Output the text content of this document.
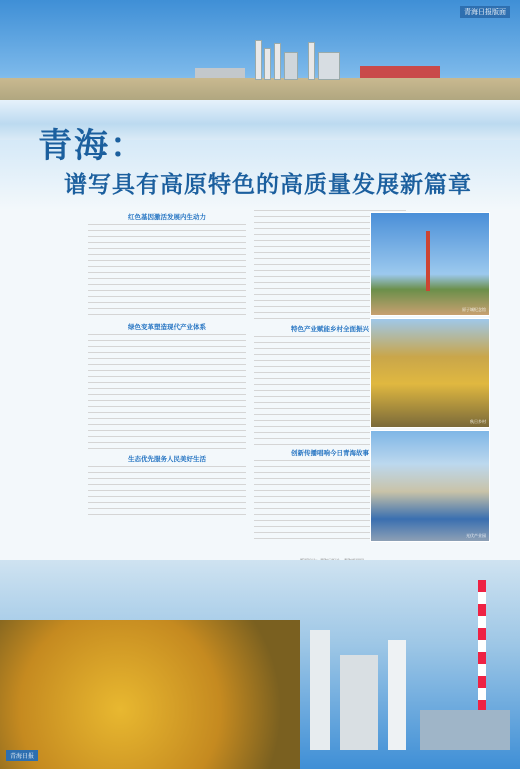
青海日报版面
青海：
谱写具有高原特色的高质量发展新篇章
红色基因激活发展内生动力
绿色变革塑造现代产业体系
生态优先服务人民美好生活
特色产业赋能乡村全面振兴
创新传播唱响今日青海故事
原子城纪念馆
秋日乡村
光伏产业园
青海日报
